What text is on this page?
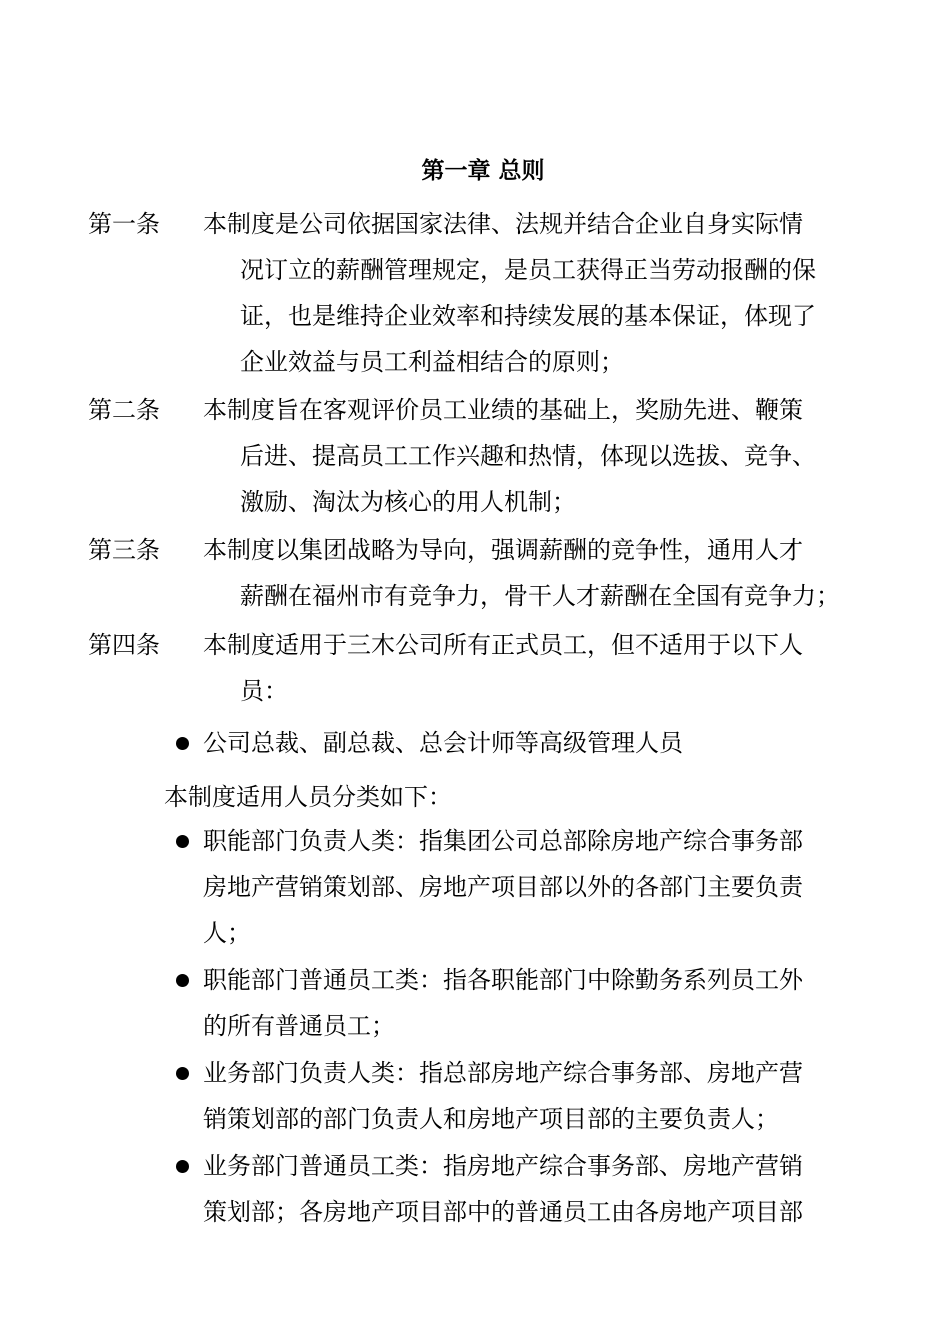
第一章 总则
第一条 本制度是公司依据国家法律、法规并结合企业自身实际情
况订立的薪酬管理规定，是员工获得正当劳动报酬的保
证，也是维持企业效率和持续发展的基本保证，体现了
企业效益与员工利益相结合的原则；
第二条 本制度旨在客观评价员工业绩的基础上，奖励先进、鞭策
后进、提高员工工作兴趣和热情，体现以选拔、竞争、
激励、淘汰为核心的用人机制；
第三条 本制度以集团战略为导向，强调薪酬的竞争性，通用人才
薪酬在福州市有竞争力，骨干人才薪酬在全国有竞争力；
第四条 本制度适用于三木公司所有正式员工，但不适用于以下人
员：
公司总裁、副总裁、总会计师等高级管理人员
本制度适用人员分类如下：
职能部门负责人类：指集团公司总部除房地产综合事务部
房地产营销策划部、房地产项目部以外的各部门主要负责
人；
职能部门普通员工类：指各职能部门中除勤务系列员工外
的所有普通员工；
业务部门负责人类：指总部房地产综合事务部、房地产营
销策划部的部门负责人和房地产项目部的主要负责人；
业务部门普通员工类：指房地产综合事务部、房地产营销
策划部；各房地产项目部中的普通员工由各房地产项目部
